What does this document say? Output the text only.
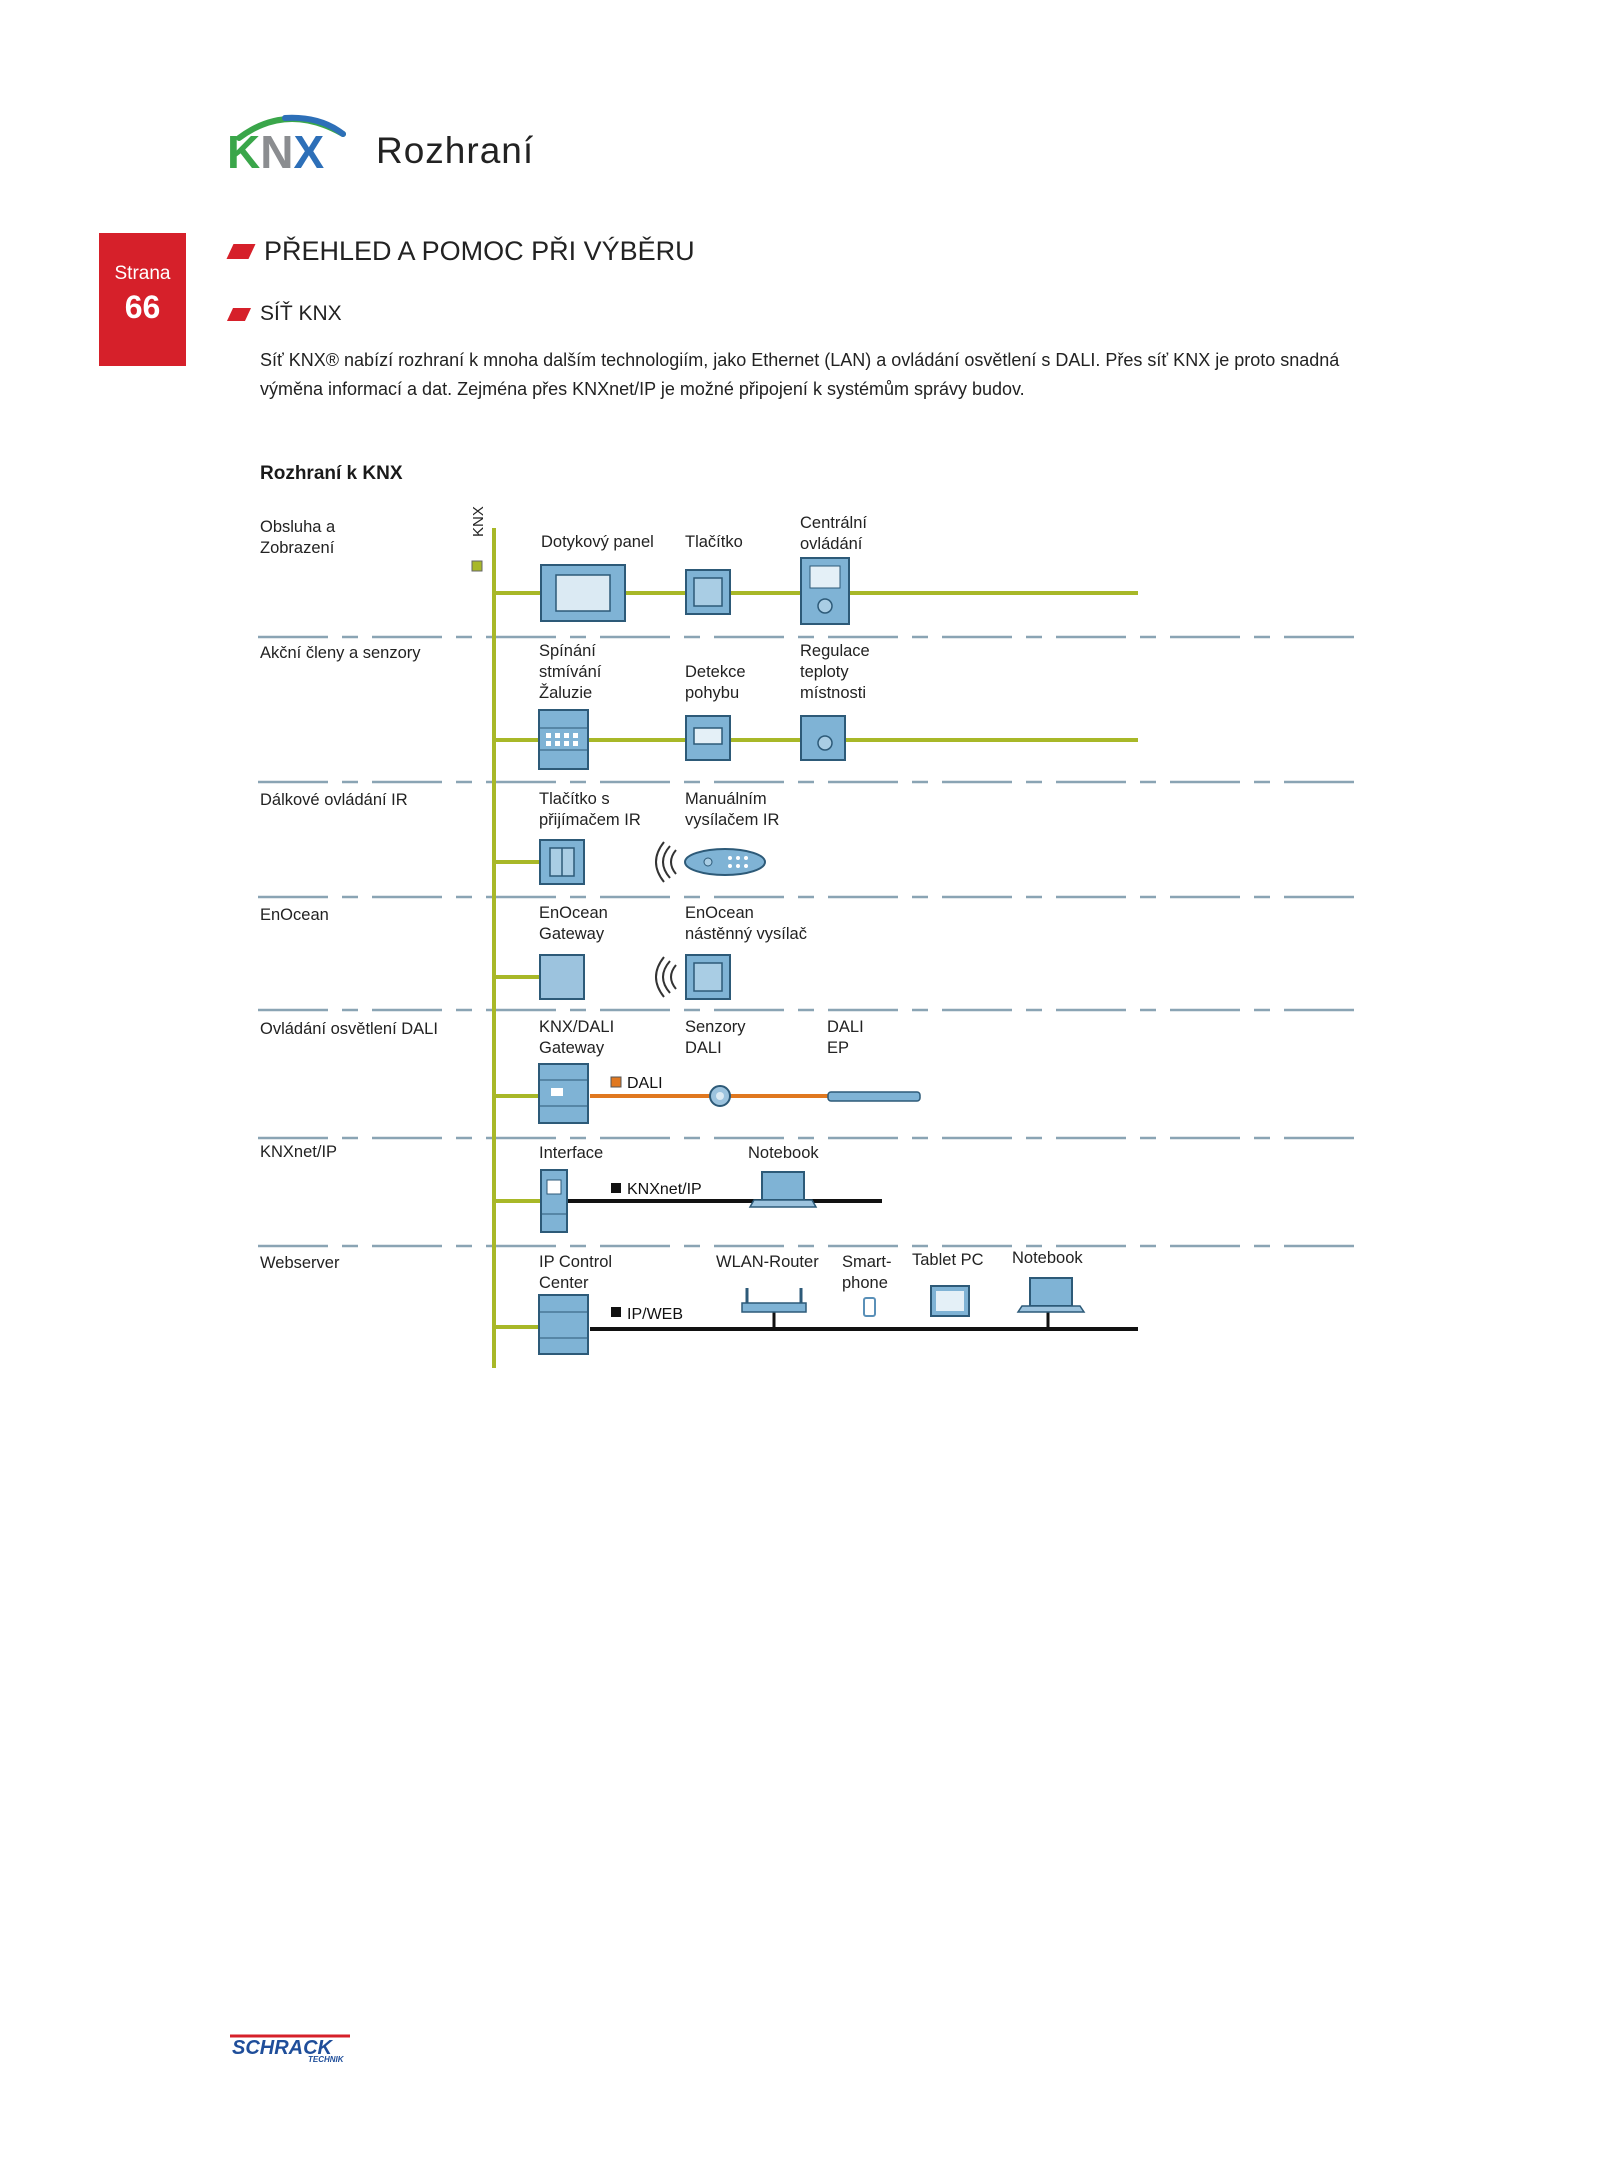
KNX Rozhraní
Strana
66
PŘEHLED A POMOC PŘI VÝBĚRU
SÍŤ KNX
Síť KNX® nabízí rozhraní k mnoha dalším technologiím, jako Ethernet (LAN) a ovládání osvětlení s DALI. Přes síť KNX je proto snadná výměna informací a dat. Zejména přes KNXnet/IP je možné připojení k systémům správy budov.
Rozhraní k KNX
KNX
DALI
KNXnet/IP
IP/WEB
Obsluha a
Zobrazení
Akční členy a senzory
Dálkové ovládání IR
EnOcean
Ovládání osvětlení DALI
KNXnet/IP
Webserver
Dotykový panel Tlačítko
Centrální
ovládání
Spínání
stmívání
Žaluzie
Detekce
pohybu
Regulace
teploty
místnosti
Tlačítko s
přijímačem IR
Manuálním
vysílačem IR
EnOcean
Gateway
EnOcean
nástěnný vysílač
KNX/DALI
Gateway
Senzory
DALI
DALI
EP
Interface	Notebook
IP Control
Center
WLAN-Router Smart-
phone
Tablet PC Notebook
SCHRACK
TECHNIK
